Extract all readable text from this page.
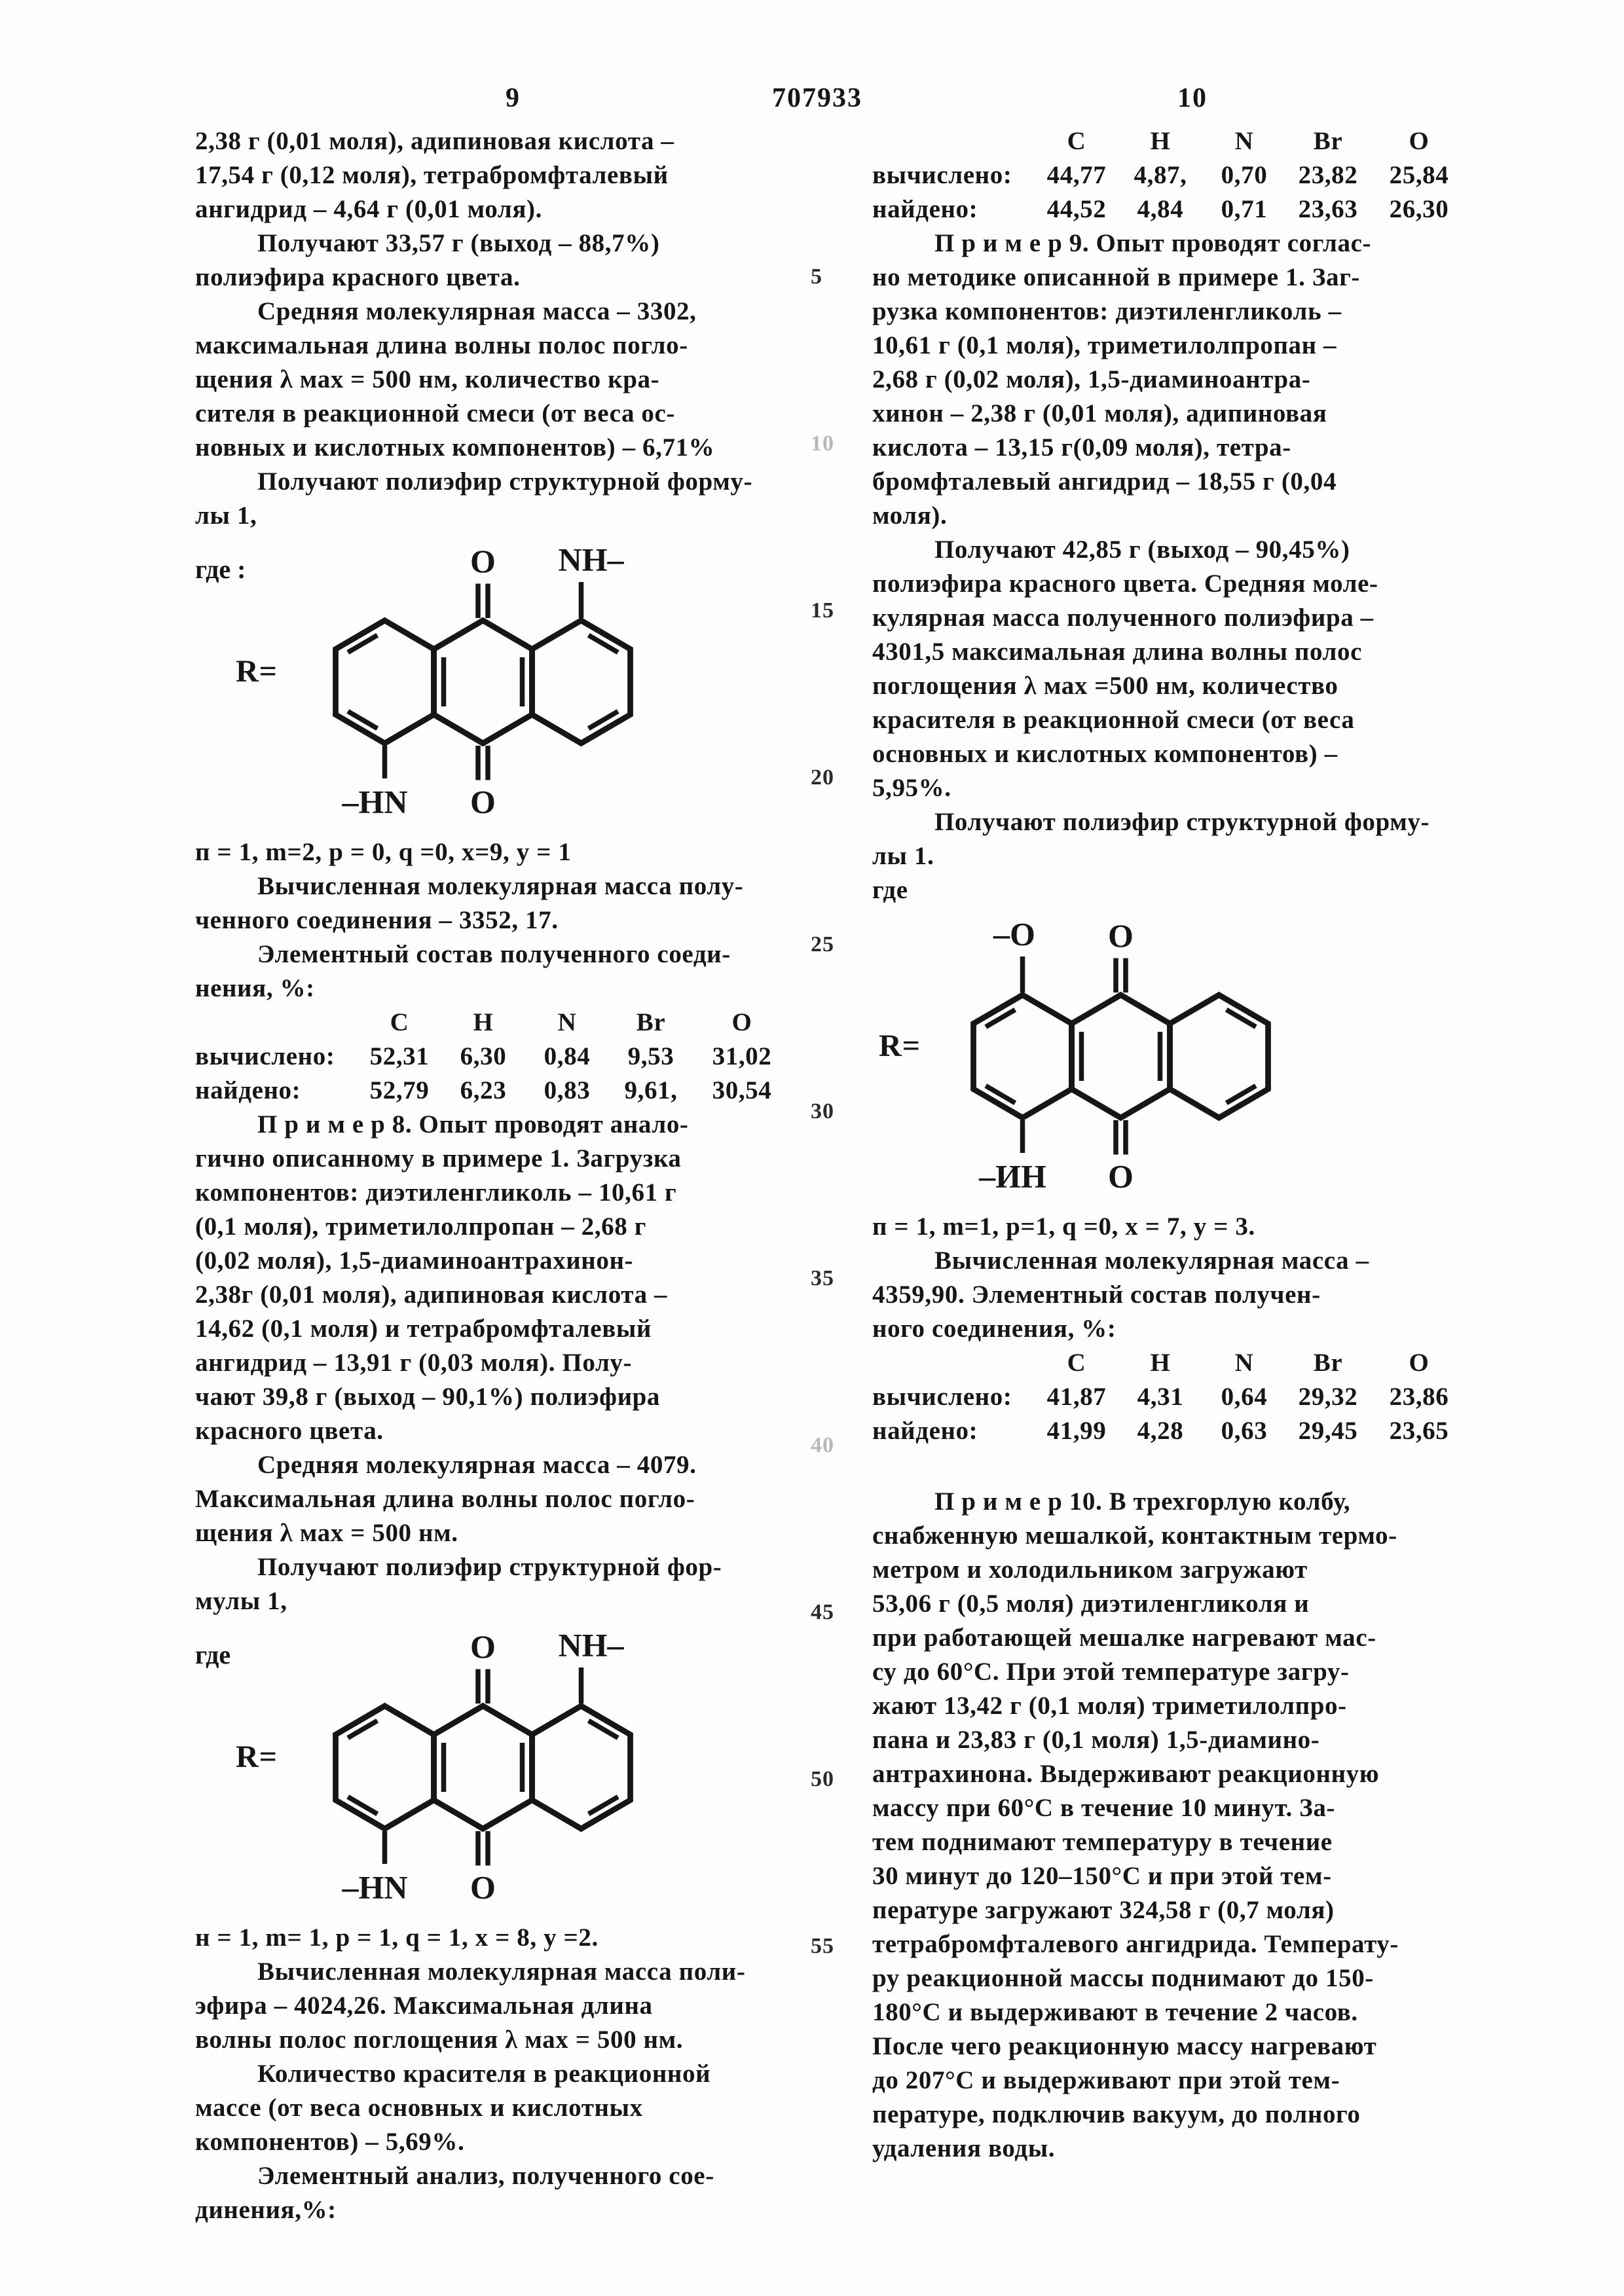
9	707933	10
5
10
15
20
25
30
35
40
45
50
55
2,38 г (0,01 моля), адипиновая кислота –
17,54 г (0,12 моля), тетрабромфталевый
ангидрид – 4,64 г (0,01 моля).
Получают 33,57 г (выход – 88,7%)
полиэфира красного цвета.
Средняя молекулярная масса – 3302,
максимальная длина волны полос погло-
щения λ мах = 500 нм, количество кра-
сителя в реакционной смеси (от веса ос-
новных и кислотных компонентов) – 6,71%
Получают полиэфир структурной форму-
лы 1,
где :
R=
O NH–
–HN O
п = 1, m=2, p = 0, q =0, x=9, y = 1
Вычисленная молекулярная масса полу-
ченного соединения – 3352, 17.
Элементный состав полученного соеди-
нения, %:
C	H	N	Br	O
вычислено:	52,31	6,30	0,84	9,53	31,02
найдено:	52,79	6,23	0,83	9,61,	30,54
П р и м е р 8. Опыт проводят анало-
гично описанному в примере 1. Загрузка
компонентов: диэтиленгликоль – 10,61 г
(0,1 моля), триметилолпропан – 2,68 г
(0,02 моля), 1,5-диаминоантрахинон-
2,38г (0,01 моля), адипиновая кислота –
14,62 (0,1 моля) и тетрабромфталевый
ангидрид – 13,91 г (0,03 моля). Полу-
чают 39,8 г (выход – 90,1%) полиэфира
красного цвета.
Средняя молекулярная масса – 4079.
Максимальная длина волны полос погло-
щения λ мах = 500 нм.
Получают полиэфир структурной фор-
мулы 1,
где
R=
O NH–
–HN O
н = 1, m= 1, p = 1, q = 1, x = 8, y =2.
Вычисленная молекулярная масса поли-
эфира – 4024,26. Максимальная длина
волны полос поглощения λ мах = 500 нм.
Количество красителя в реакционной
массе (от веса основных и кислотных
компонентов) – 5,69%.
Элементный анализ, полученного сое-
динения,%:
C	H	N	Br	O
вычислено:	44,77	4,87,	0,70	23,82	25,84
найдено:	44,52	4,84	0,71	23,63	26,30
П р и м е р 9. Опыт проводят соглас-
но методике описанной в примере 1. Заг-
рузка компонентов: диэтиленгликоль –
10,61 г (0,1 моля), триметилолпропан –
2,68 г (0,02 моля), 1,5-диаминоантра-
хинон – 2,38 г (0,01 моля), адипиновая
кислота – 13,15 г(0,09 моля), тетра-
бромфталевый ангидрид – 18,55 г (0,04
моля).
Получают 42,85 г (выход – 90,45%)
полиэфира красного цвета. Средняя моле-
кулярная масса полученного полиэфира –
4301,5 максимальная длина волны полос
поглощения λ мах =500 нм, количество
красителя в реакционной смеси (от веса
основных и кислотных компонентов) –
5,95%.
Получают полиэфир структурной форму-
лы 1.
где
R=
–O	O
–ИН O
п = 1, m=1, p=1, q =0, x = 7, y = 3.
Вычисленная молекулярная масса –
4359,90. Элементный состав получен-
ного соединения, %:
C	H	N	Br	O
вычислено:	41,87	4,31	0,64	29,32	23,86
найдено:	41,99	4,28	0,63	29,45	23,65
П р и м е р 10. В трехгорлую колбу,
снабженную мешалкой, контактным термо-
метром и холодильником загружают
53,06 г (0,5 моля) диэтиленгликоля и
при работающей мешалке нагревают мас-
су до 60°С. При этой температуре загру-
жают 13,42 г (0,1 моля) триметилолпро-
пана и 23,83 г (0,1 моля) 1,5-диамино-
антрахинона. Выдерживают реакционную
массу при 60°С в течение 10 минут. За-
тем поднимают температуру в течение
30 минут до 120–150°С и при этой тем-
пературе загружают 324,58 г (0,7 моля)
тетрабромфталевого ангидрида. Температу-
ру реакционной массы поднимают до 150-
180°С и выдерживают в течение 2 часов.
После чего реакционную массу нагревают
до 207°С и выдерживают при этой тем-
пературе, подключив вакуум, до полного
удаления воды.
